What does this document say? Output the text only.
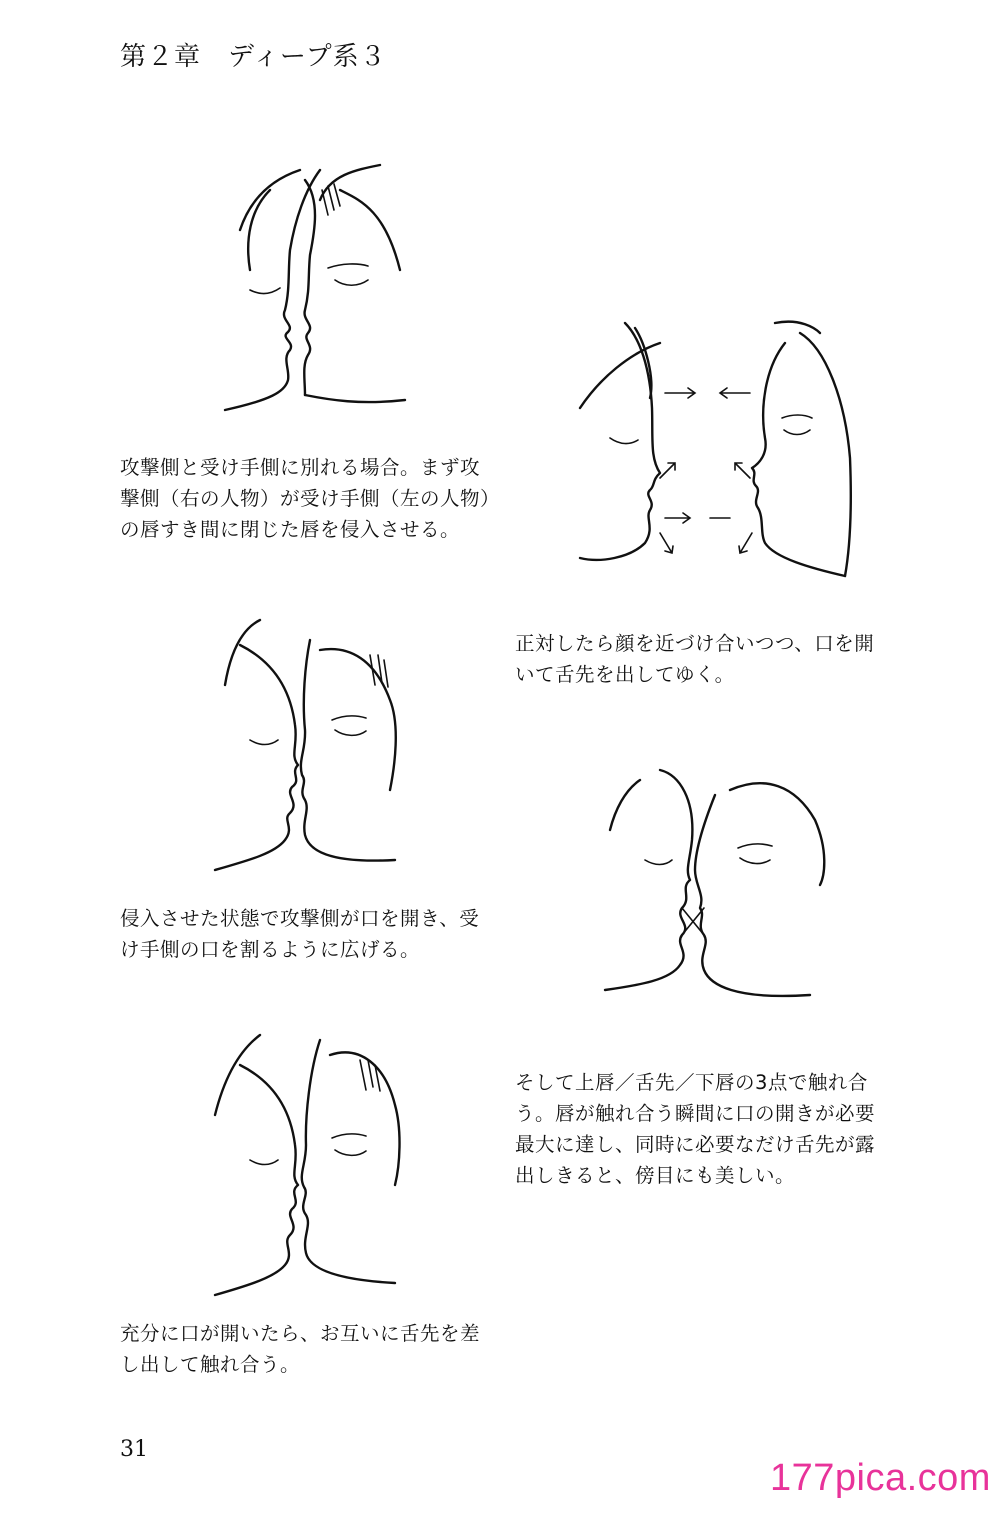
第２章　ディープ系３

攻撃側と受け手側に別れる場合。まず攻
撃側（右の人物）が受け手側（左の人物）
の唇すき間に閉じた唇を侵入させる。

正対したら顔を近づけ合いつつ、口を開
いて舌先を出してゆく。

侵入させた状態で攻撃側が口を開き、受
け手側の口を割るように広げる。

そして上唇／舌先／下唇の3点で触れ合
う。唇が触れ合う瞬間に口の開きが必要
最大に達し、同時に必要なだけ舌先が露
出しきると、傍目にも美しい。

充分に口が開いたら、お互いに舌先を差
し出して触れ合う。

31
177pica.com
